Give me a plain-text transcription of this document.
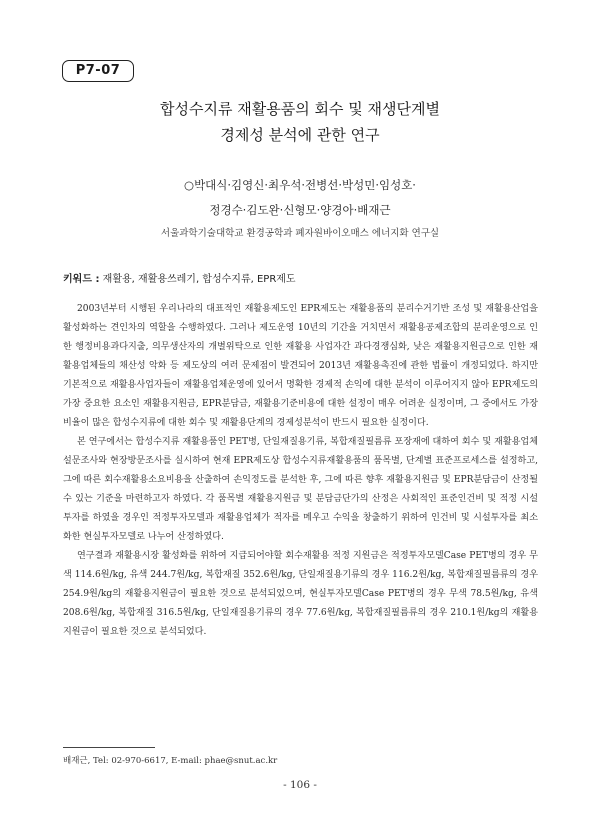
P7-07
합성수지류 재활용품의 회수 및 재생단계별
경제성 분석에 관한 연구
○박대식·김영신·최우석·전병선·박성민·임성호·
정경수·김도완·신형모·양경아·배재근
서울과학기술대학교 환경공학과 폐자원바이오매스 에너지화 연구실
키워드 : 재활용, 재활용쓰레기, 합성수지류, EPR제도

2003년부터 시행된 우리나라의 대표적인 재활용제도인 EPR제도는 재활용품의 분리수거기반 조성 및 재활용산업을 활성화하는 견인차의 역할을 수행하였다. 그러나 제도운영 10년의 기간을 거치면서 재활용공제조합의 분리운영으로 인한 행정비용과다지출, 의무생산자의 개별위탁으로 인한 재활용 사업자간 과다경쟁심화, 낮은 재활용지원금으로 인한 재활용업체들의 채산성 악화 등 제도상의 여러 문제점이 발견되어 2013년 재활용촉진에 관한 법률이 개정되었다. 하지만 기본적으로 재활용사업자들이 재활용업체운영에 있어서 명확한 경제적 손익에 대한 분석이 이루어지지 않아 EPR제도의 가장 중요한 요소인 재활용지원금, EPR분담금, 재활용기준비용에 대한 설정이 매우 어려운 실정이며, 그 중에서도 가장 비율이 많은 합성수지류에 대한 회수 및 재활용단계의 경제성분석이 반드시 필요한 실정이다.

본 연구에서는 합성수지류 재활용품인 PET병, 단일재질용기류, 복합재질필름류 포장재에 대하여 회수 및 재활용업체 설문조사와 현장방문조사를 실시하여 현재 EPR제도상 합성수지류재활용품의 품목별, 단계별 표준프로세스를 설정하고, 그에 따른 회수재활용소요비용을 산출하여 손익정도를 분석한 후, 그에 따른 향후 재활용지원금 및 EPR분담금이 산정될 수 있는 기준을 마련하고자 하였다. 각 품목별 재활용지원금 및 분담금단가의 산정은 사회적인 표준인건비 및 적정 시설투자를 하였을 경우인 적정투자모델과 재활용업체가 적자를 메우고 수익을 창출하기 위하여 인건비 및 시설투자를 최소화한 현실투자모델로 나누어 산정하였다.

연구결과 재활용시장 활성화를 위하여 지급되어야할 회수재활용 적정 지원금은 적정투자모델Case PET병의 경우 무색 114.6원/kg, 유색 244.7원/kg, 복합재질 352.6원/kg, 단일재질용기류의 경우 116.2원/kg, 복합재질필름류의 경우 254.9원/kg의 재활용지원금이 필요한 것으로 분석되었으며, 현실투자모델Case PET병의 경우 무색 78.5원/kg, 유색 208.6원/kg, 복합재질 316.5원/kg, 단일재질용기류의 경우 77.6원/kg, 복합재질필름류의 경우 210.1원/kg의 재활용지원금이 필요한 것으로 분석되었다.

배재근, Tel: 02-970-6617, E-mail: phae@snut.ac.kr
- 106 -
